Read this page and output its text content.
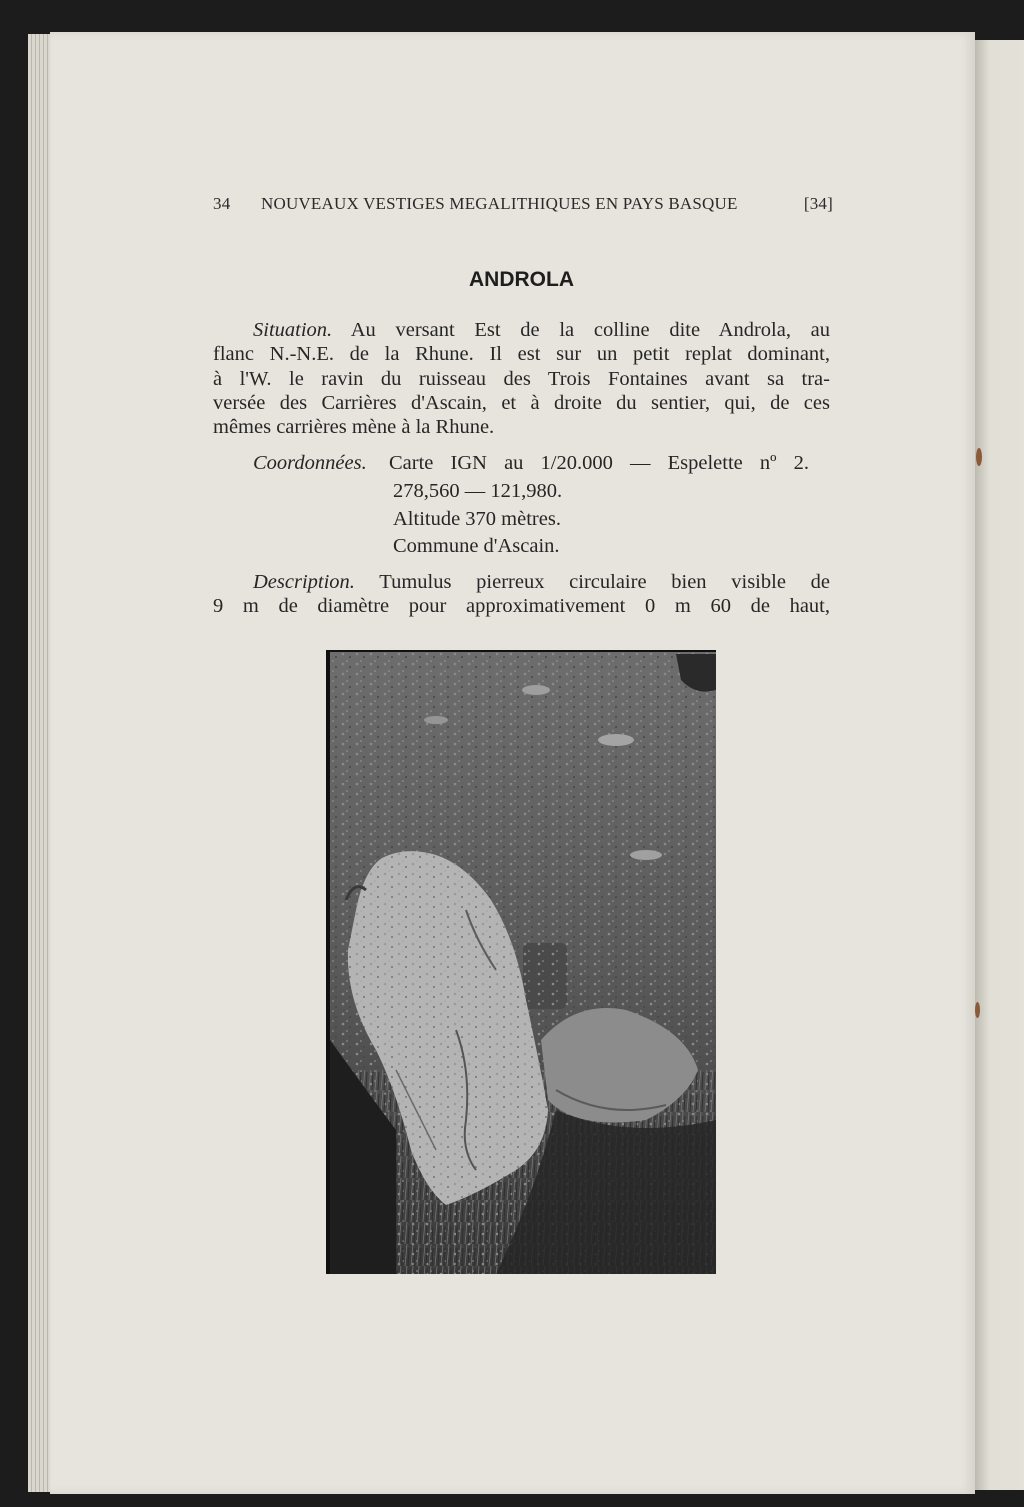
34 NOUVEAUX VESTIGES MEGALITHIQUES EN PAYS BASQUE	[34]
ANDROLA
Situation. Au versant Est de la colline dite Androla, au
flanc N.-N.E. de la Rhune. Il est sur un petit replat dominant,
à l'W. le ravin du ruisseau des Trois Fontaines avant sa tra-
versée des Carrières d'Ascain, et à droite du sentier, qui, de ces
mêmes carrières mène à la Rhune.
Coordonnées. Carte IGN au 1/20.000 — Espelette nº 2.
278,560 — 121,980.
Altitude 370 mètres.
Commune d'Ascain.
Description. Tumulus pierreux circulaire bien visible de
9 m de diamètre pour approximativement 0 m 60 de haut,
